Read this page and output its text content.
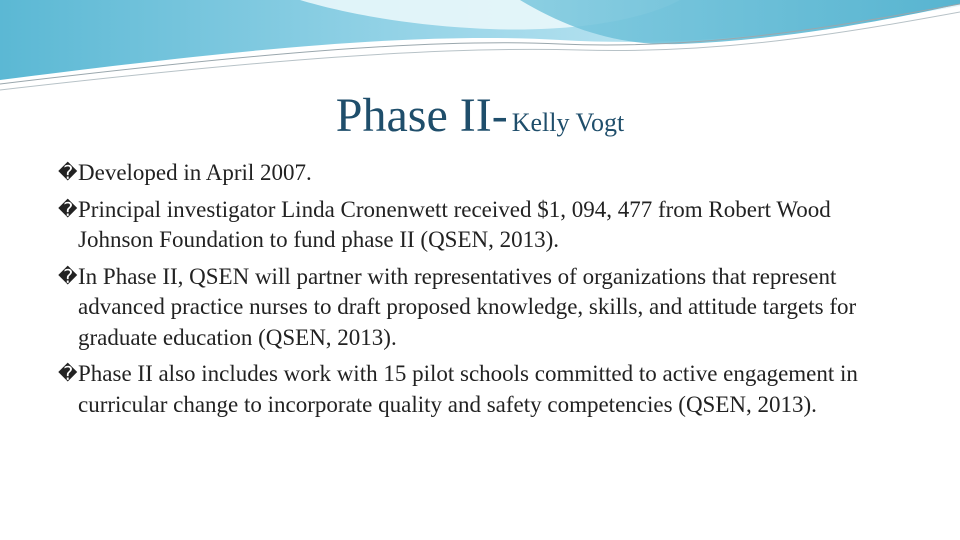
Phase II- Kelly Vogt
� Developed in April 2007.
� Principal investigator Linda Cronenwett received $1, 094, 477 from Robert Wood Johnson Foundation to fund phase II (QSEN, 2013).
� In Phase II, QSEN will partner with representatives of organizations that represent advanced practice nurses to draft proposed knowledge, skills, and attitude targets for graduate education (QSEN, 2013).
� Phase II also includes work with 15 pilot schools committed to active engagement in curricular change to incorporate quality and safety competencies (QSEN, 2013).
